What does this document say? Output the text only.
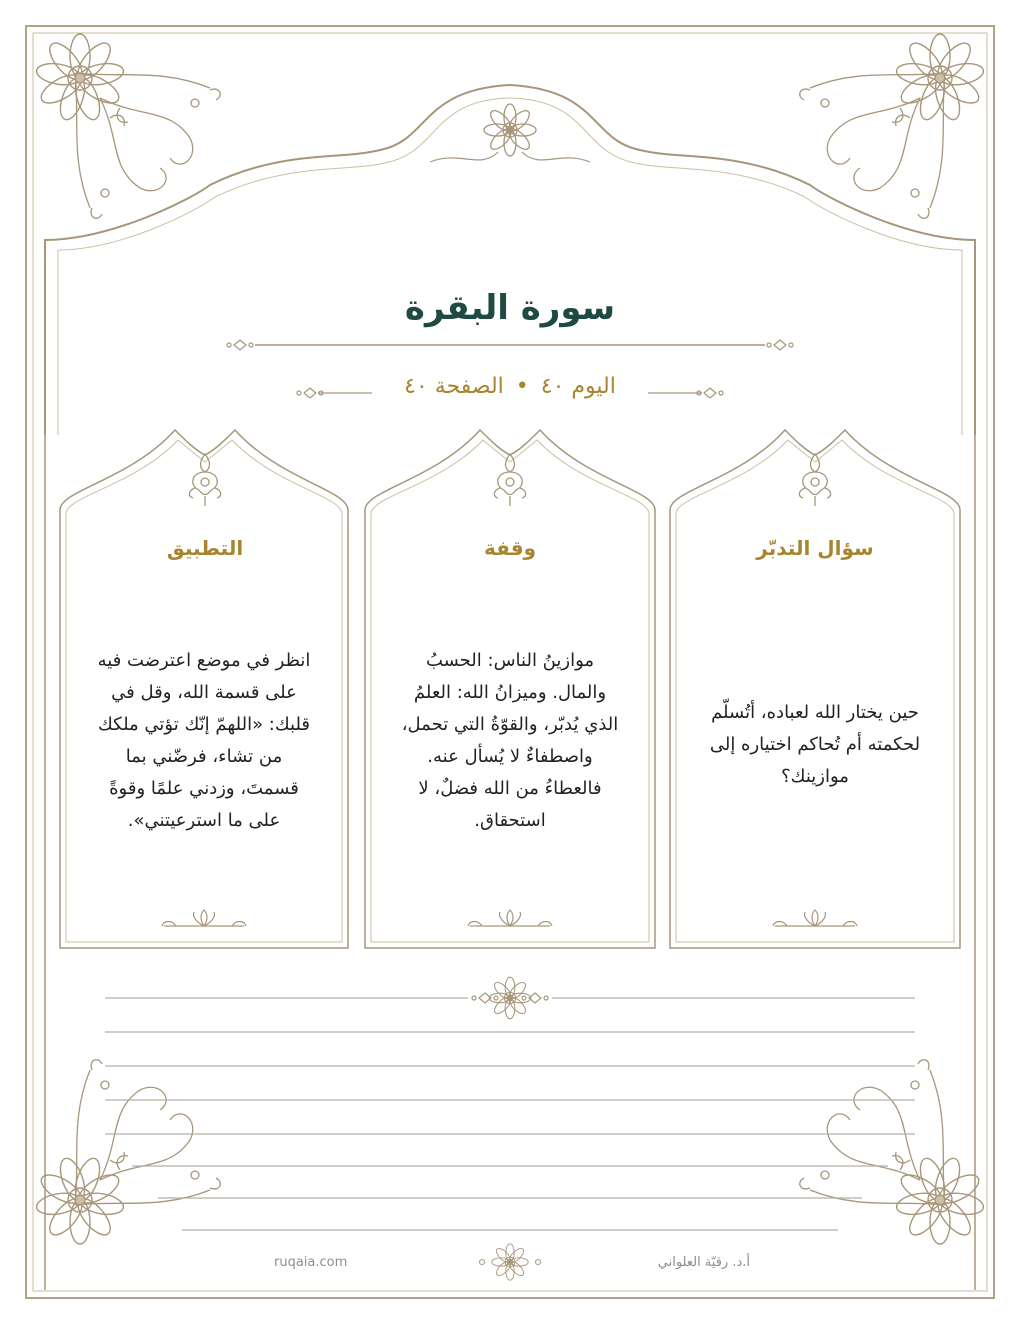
سورة البقرة
اليوم ٤٠•الصفحة ٤٠
سؤال التدبّر
حين يختار الله لعباده، أتُسلّم
لحكمته أم تُحاكم اختياره إلى
موازينك؟
وقفة
موازينُ الناس: الحسبُ
والمال. وميزانُ الله: العلمُ
الذي يُدبّر، والقوّةُ التي تحمل،
واصطفاءٌ لا يُسأل عنه.
فالعطاءُ من الله فضلٌ، لا
استحقاق.
التطبيق
انظر في موضع اعترضت فيه
على قسمة الله، وقل في
قلبك: «اللهمّ إنّك تؤتي ملكك
من تشاء، فرضّني بما
قسمتَ، وزدني علمًا وقوةً
على ما استرعيتني».
ruqaia.com	أ.د. رقيّة العلواني
